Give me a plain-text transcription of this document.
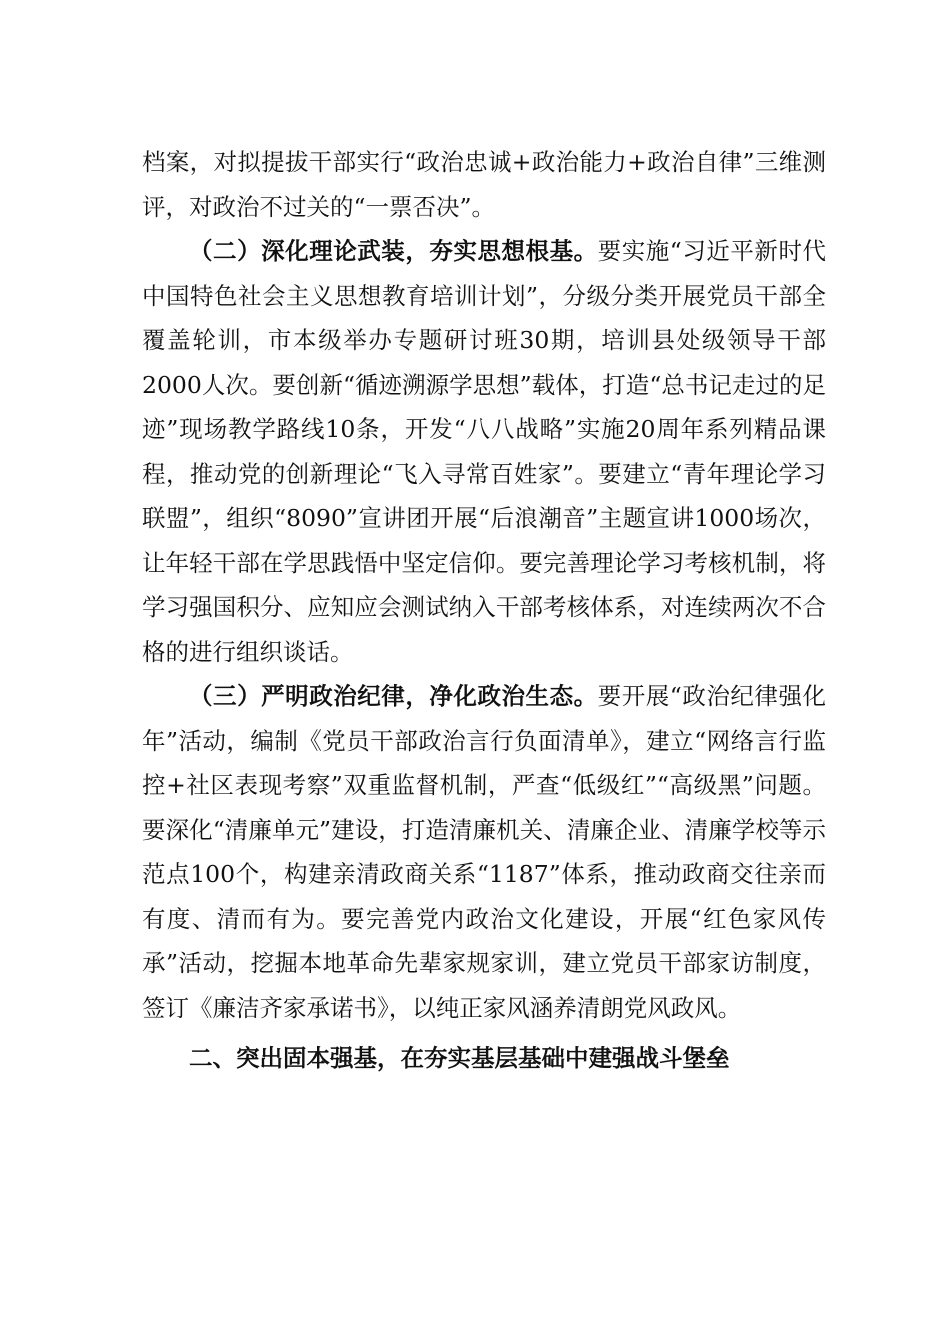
档案，对拟提拔干部实行“政治忠诚+政治能力+政治自律”三维测评，对政治不过关的“一票否决”。

（二）深化理论武装，夯实思想根基。要实施“习近平新时代中国特色社会主义思想教育培训计划”，分级分类开展党员干部全覆盖轮训，市本级举办专题研讨班30期，培训县处级领导干部2000人次。要创新“循迹溯源学思想”载体，打造“总书记走过的足迹”现场教学路线10条，开发“八八战略”实施20周年系列精品课程，推动党的创新理论“飞入寻常百姓家”。要建立“青年理论学习联盟”，组织“8090”宣讲团开展“后浪潮音”主题宣讲1000场次，让年轻干部在学思践悟中坚定信仰。要完善理论学习考核机制，将学习强国积分、应知应会测试纳入干部考核体系，对连续两次不合格的进行组织谈话。

（三）严明政治纪律，净化政治生态。要开展“政治纪律强化年”活动，编制《党员干部政治言行负面清单》，建立“网络言行监控+社区表现考察”双重监督机制，严查“低级红”“高级黑”问题。要深化“清廉单元”建设，打造清廉机关、清廉企业、清廉学校等示范点100个，构建亲清政商关系“1187”体系，推动政商交往亲而有度、清而有为。要完善党内政治文化建设，开展“红色家风传承”活动，挖掘本地革命先辈家规家训，建立党员干部家访制度，签订《廉洁齐家承诺书》，以纯正家风涵养清朗党风政风。

二、突出固本强基，在夯实基层基础中建强战斗堡垒
